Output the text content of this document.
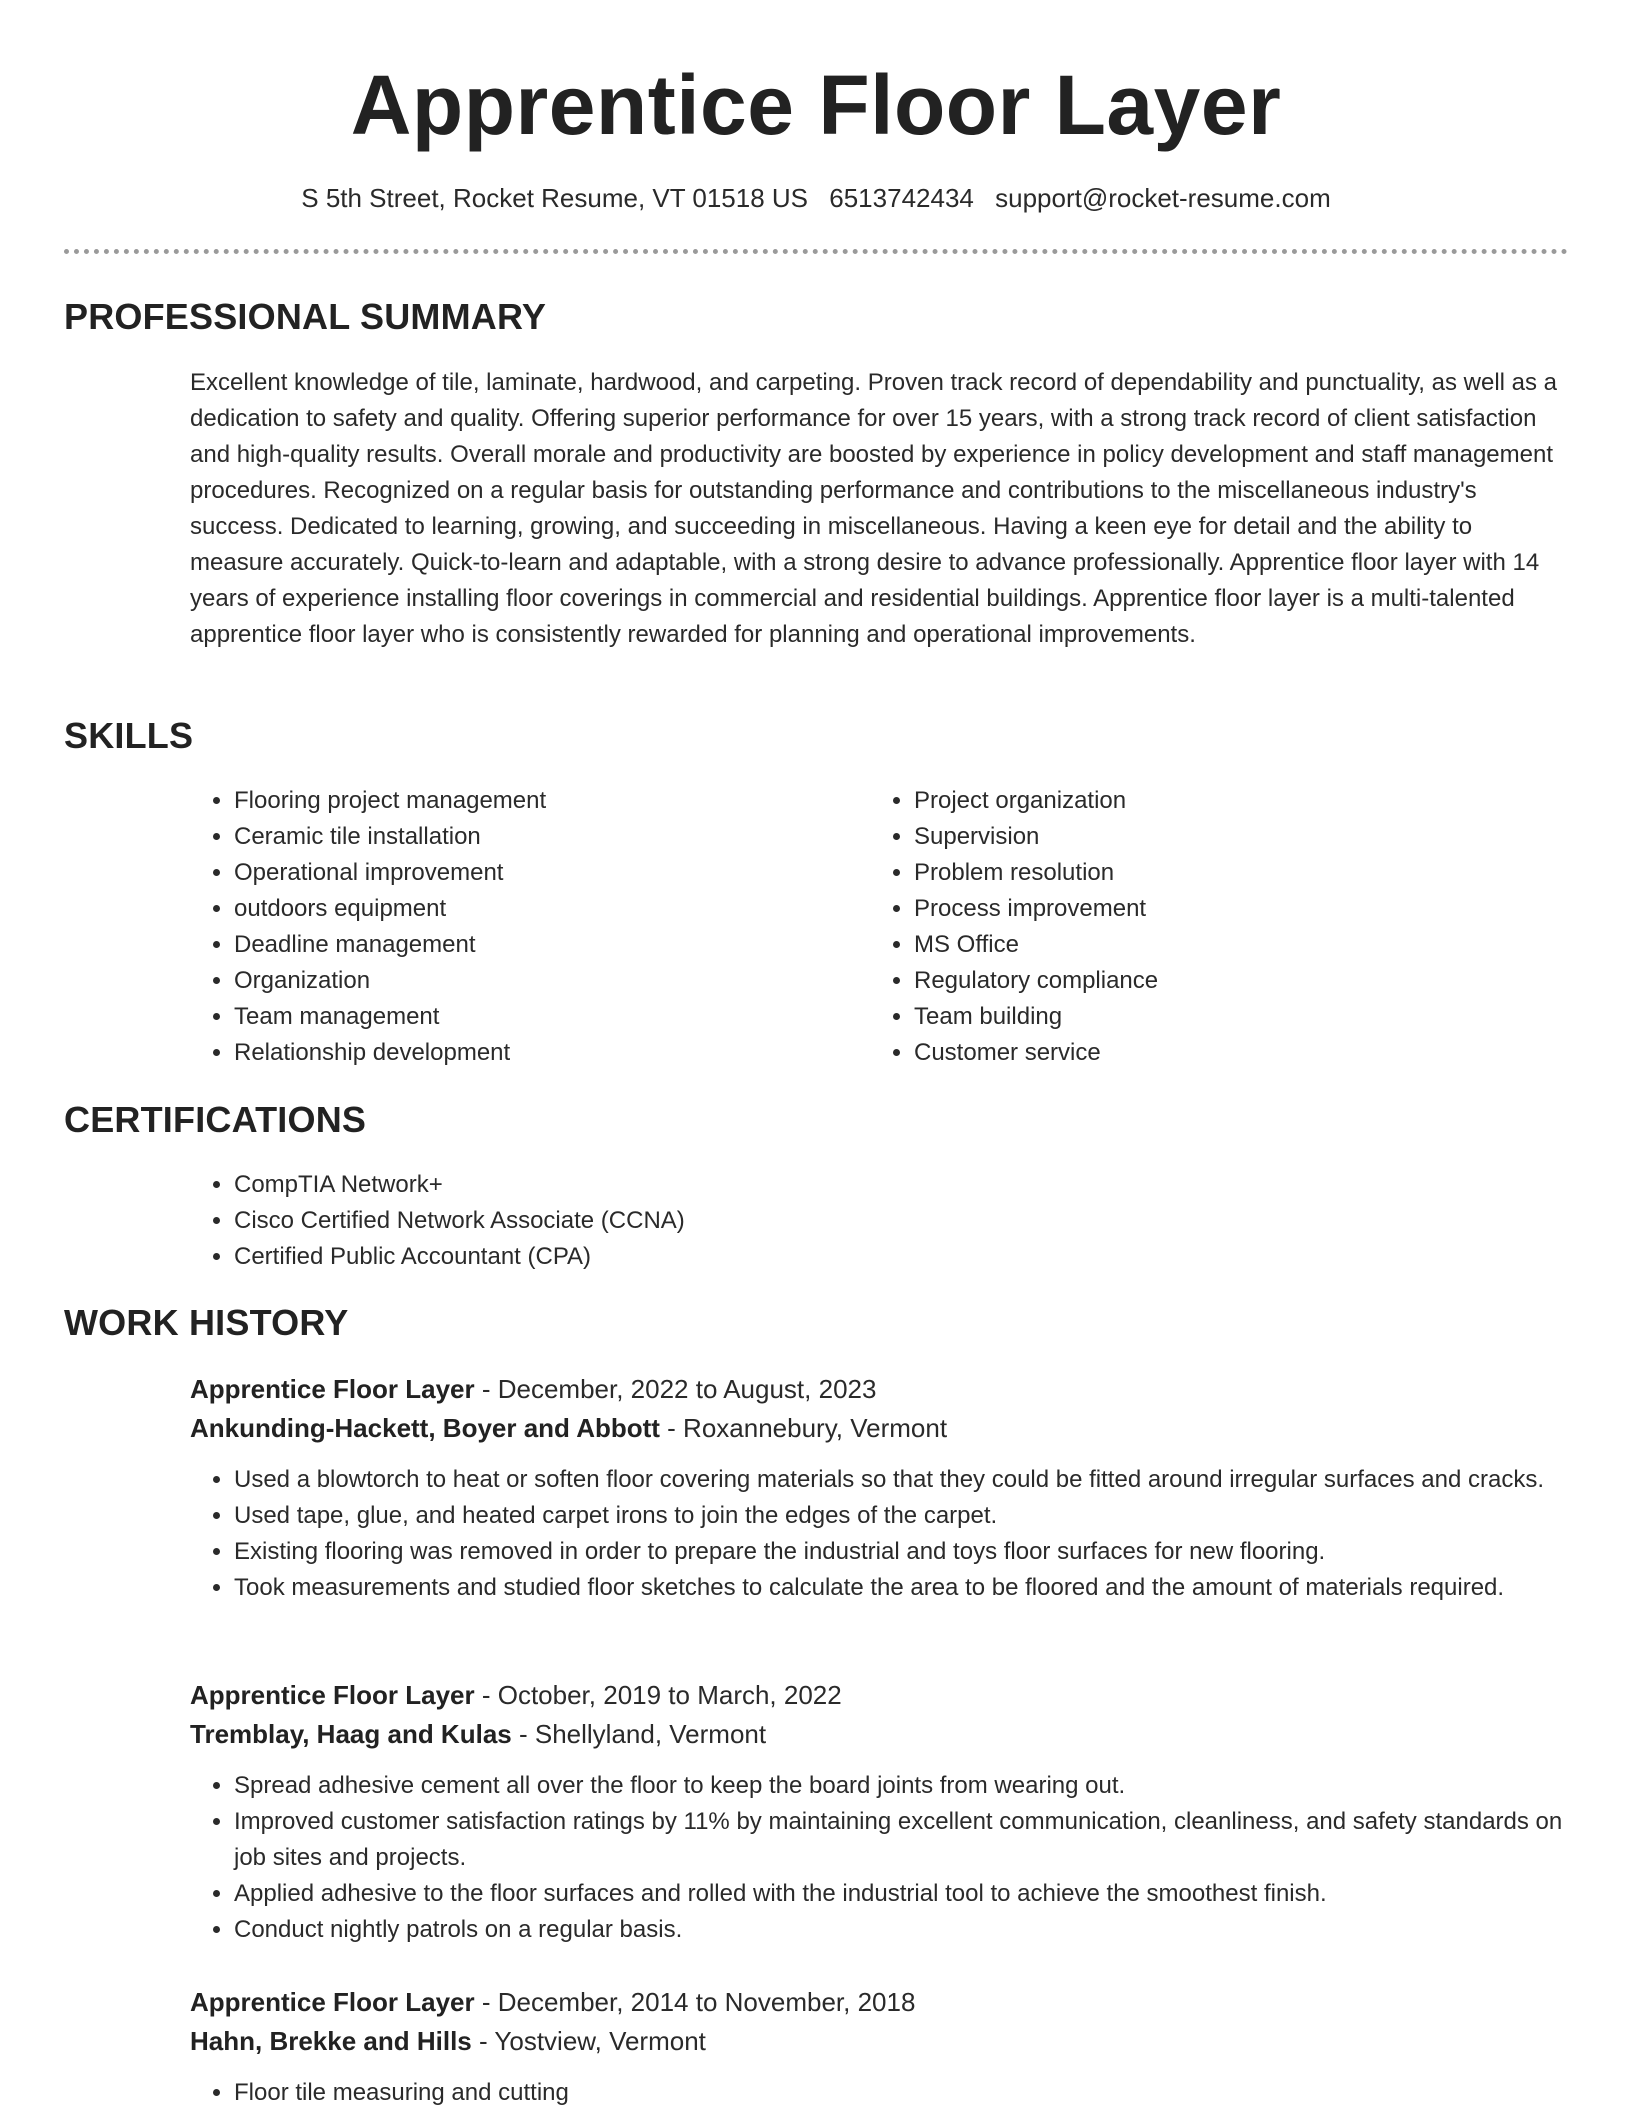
Apprentice Floor Layer
S 5th Street, Rocket Resume, VT 01518 US 6513742434 support@rocket-resume.com
PROFESSIONAL SUMMARY

Excellent knowledge of tile, laminate, hardwood, and carpeting. Proven track record of dependability and punctuality, as well as a dedication to safety and quality. Offering superior performance for over 15 years, with a strong track record of client satisfaction and high-quality results. Overall morale and productivity are boosted by experience in policy development and staff management procedures. Recognized on a regular basis for outstanding performance and contributions to the miscellaneous industry's success. Dedicated to learning, growing, and succeeding in miscellaneous. Having a keen eye for detail and the ability to measure accurately. Quick-to-learn and adaptable, with a strong desire to advance professionally. Apprentice floor layer with 14 years of experience installing floor coverings in commercial and residential buildings. Apprentice floor layer is a multi-talented apprentice floor layer who is consistently rewarded for planning and operational improvements.

SKILLS
• Flooring project management
• Ceramic tile installation
• Operational improvement
• outdoors equipment
• Deadline management
• Organization
• Team management
• Relationship development
• Project organization
• Supervision
• Problem resolution
• Process improvement
• MS Office
• Regulatory compliance
• Team building
• Customer service
CERTIFICATIONS
• CompTIA Network+
• Cisco Certified Network Associate (CCNA)
• Certified Public Accountant (CPA)
WORK HISTORY
Apprentice Floor Layer - December, 2022 to August, 2023
Ankunding-Hackett, Boyer and Abbott - Roxannebury, Vermont
• Used a blowtorch to heat or soften floor covering materials so that they could be fitted around irregular surfaces and cracks.
• Used tape, glue, and heated carpet irons to join the edges of the carpet.
• Existing flooring was removed in order to prepare the industrial and toys floor surfaces for new flooring.
• Took measurements and studied floor sketches to calculate the area to be floored and the amount of materials required.
Apprentice Floor Layer - October, 2019 to March, 2022
Tremblay, Haag and Kulas - Shellyland, Vermont
• Spread adhesive cement all over the floor to keep the board joints from wearing out.
• Improved customer satisfaction ratings by 11% by maintaining excellent communication, cleanliness, and safety standards on job sites and projects.
• Applied adhesive to the floor surfaces and rolled with the industrial tool to achieve the smoothest finish.
• Conduct nightly patrols on a regular basis.
Apprentice Floor Layer - December, 2014 to November, 2018
Hahn, Brekke and Hills - Yostview, Vermont
• Floor tile measuring and cutting
